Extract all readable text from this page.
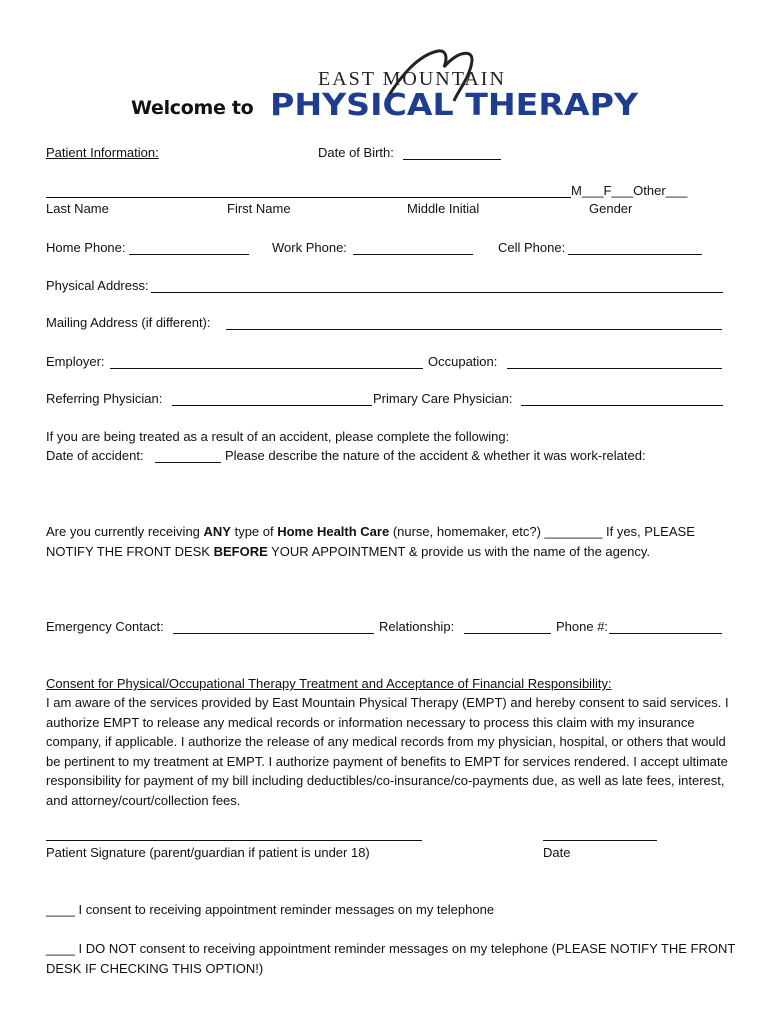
Welcome to
EAST MOUNTAIN
PHYSICAL THERAPY
Patient Information:	Date of Birth:
M___F___Other___
Last Name	First Name	Middle Initial	Gender
Home Phone:	Work Phone:	Cell Phone:
Physical Address:
Mailing Address (if different):
Employer:	Occupation:
Referring Physician:	Primary Care Physician:
If you are being treated as a result of an accident, please complete the following:
Date of accident:	Please describe the nature of the accident & whether it was work-related:
Are you currently receiving ANY type of Home Health Care (nurse, homemaker, etc?) ________ If yes, PLEASE NOTIFY THE FRONT DESK BEFORE YOUR APPOINTMENT & provide us with the name of the agency.
Emergency Contact:	Relationship:	Phone #:
Consent for Physical/Occupational Therapy Treatment and Acceptance of Financial Responsibility:
I am aware of the services provided by East Mountain Physical Therapy (EMPT) and hereby consent to said services. I authorize EMPT to release any medical records or information necessary to process this claim with my insurance company, if applicable. I authorize the release of any medical records from my physician, hospital, or others that would be pertinent to my treatment at EMPT. I authorize payment of benefits to EMPT for services rendered. I accept ultimate responsibility for payment of my bill including deductibles/co-insurance/co-payments due, as well as late fees, interest, and attorney/court/collection fees.
Patient Signature (parent/guardian if patient is under 18)	Date
____ I consent to receiving appointment reminder messages on my telephone
____ I DO NOT consent to receiving appointment reminder messages on my telephone (PLEASE NOTIFY THE FRONT DESK IF CHECKING THIS OPTION!)
